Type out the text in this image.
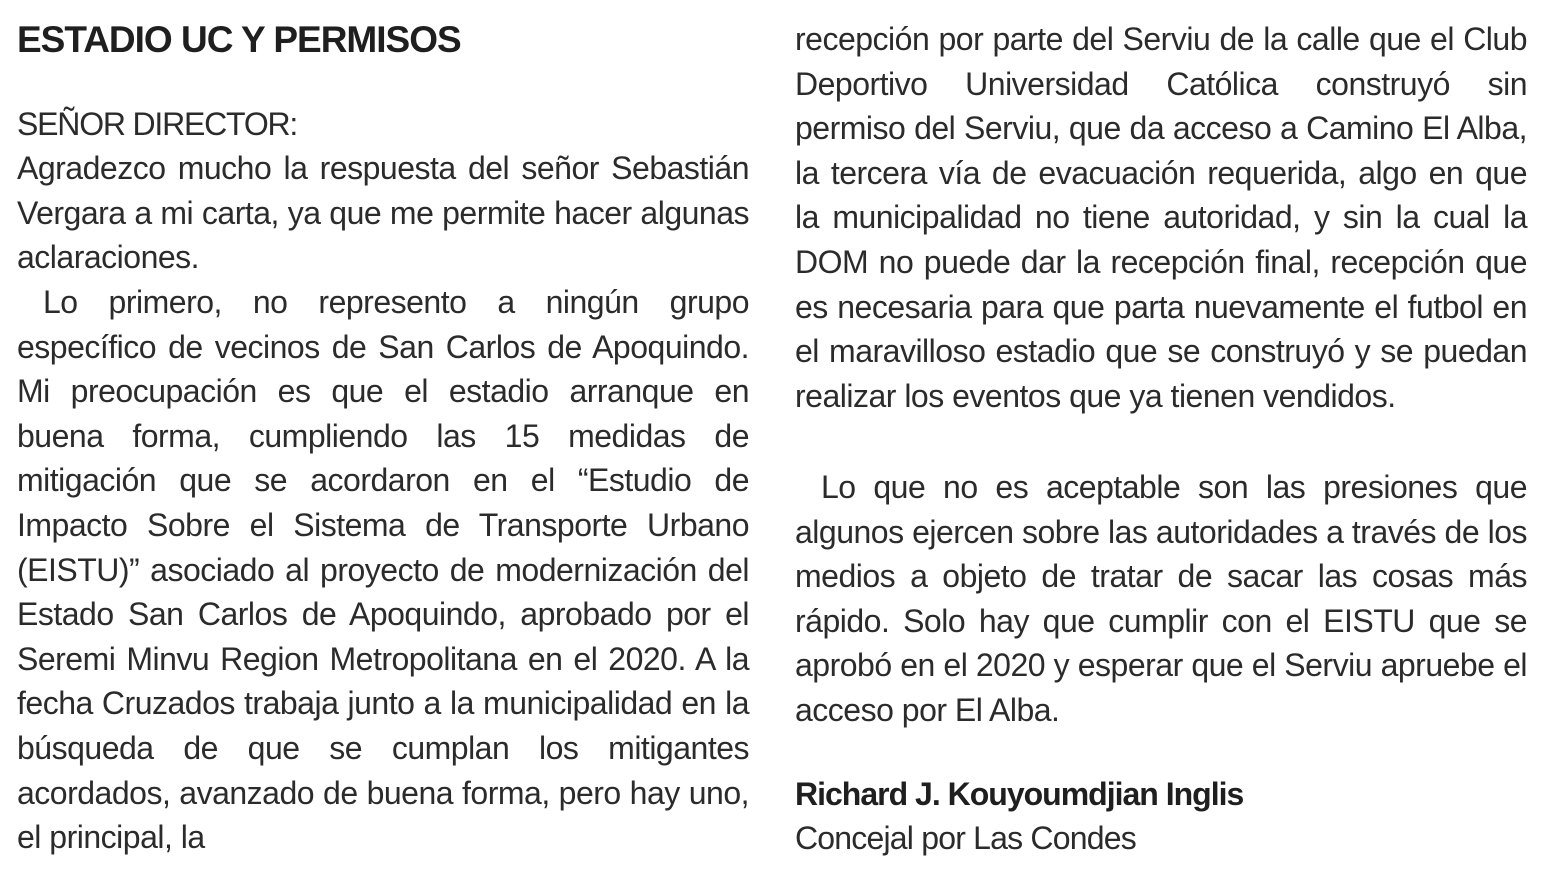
ESTADIO UC Y PERMISOS

SEÑOR DIRECTOR:

Agradezco mucho la respuesta del señor Sebastián Vergara a mi carta, ya que me permite hacer algunas aclaraciones.

Lo primero, no represento a ningún grupo específico de vecinos de San Carlos de Apoquindo. Mi preocupación es que el estadio arranque en buena forma, cumpliendo las 15 medidas de mitigación que se acordaron en el “Estudio de Impacto Sobre el Sistema de Transporte Urbano (EISTU)” asociado al proyecto de modernización del Estado San Carlos de Apoquindo, aprobado por el Seremi Minvu Region Metropolitana en el 2020. A la fecha Cruzados trabaja junto a la municipalidad en la búsqueda de que se cumplan los mitigantes acordados, avanzado de buena forma, pero hay uno, el principal, la

recepción por parte del Serviu de la calle que el Club Deportivo Universidad Católica construyó sin permiso del Serviu, que da acceso a Camino El Alba, la tercera vía de evacuación requerida, algo en que la municipalidad no tiene autoridad, y sin la cual la DOM no puede dar la recepción final, recepción que es necesaria para que parta nuevamente el futbol en el maravilloso estadio que se construyó y se puedan realizar los eventos que ya tienen vendidos.

Lo que no es aceptable son las presiones que algunos ejercen sobre las autoridades a través de los medios a objeto de tratar de sacar las cosas más rápido. Solo hay que cumplir con el EISTU que se aprobó en el 2020 y esperar que el Serviu apruebe el acceso por El Alba.

Richard J. Kouyoumdjian Inglis

Concejal por Las Condes
